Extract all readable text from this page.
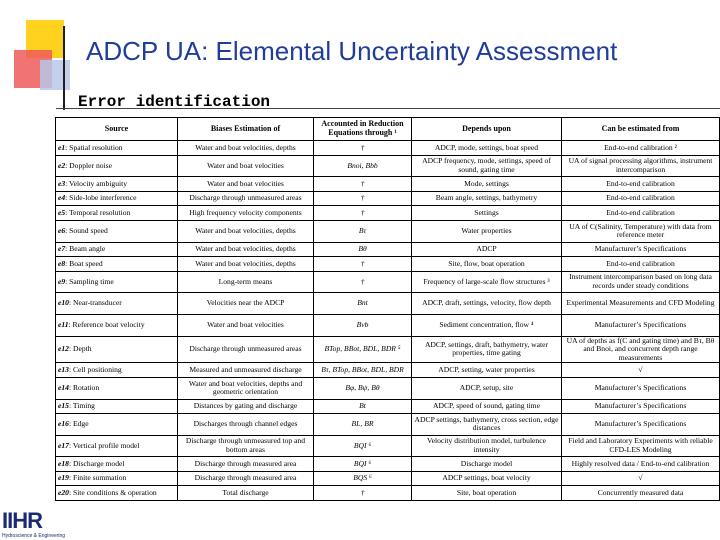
ADCP UA: Elemental Uncertainty Assessment
Error identification
Source	Biases Estimation of	Accounted in Reduction Equations through ¹	Depends upon	Can be estimated from
e1: Spatial resolution	Water and boat velocities, depths	†	ADCP, mode, settings, boat speed	End-to-end calibration ²
e2: Doppler noise	Water and boat velocities	Bnoi, Bbb	ADCP frequency, mode, settings, speed of sound, gating time	UA of signal processing algorithms, instrument intercomparison
e3: Velocity ambiguity	Water and boat velocities	†	Mode, settings	End-to-end calibration
e4: Side-lobe interference	Discharge through unmeasured areas	†	Beam angle, settings, bathymetry	End-to-end calibration
e5: Temporal resolution	High frequency velocity components	†	Settings	End-to-end calibration
e6: Sound speed	Water and boat velocities, depths	Bτ	Water properties	UA of C(Salinity, Temperature) with data from reference meter
e7: Beam angle	Water and boat velocities, depths	Bθ	ADCP	Manufacturer’s Specifications
e8: Boat speed	Water and boat velocities, depths	†	Site, flow, boat operation	End-to-end calibration
e9: Sampling time	Long-term means	†	Frequency of large-scale flow structures ³	Instrument intercomparison based on long data records under steady conditions
e10: Near-transducer	Velocities near the ADCP	Bnt	ADCP, draft, settings, velocity, flow depth	Experimental Measurements and CFD Modeling
e11: Reference boat velocity	Water and boat velocities	Bvb	Sediment concentration, flow ⁴	Manufacturer’s Specifications
e12: Depth	Discharge through unmeasured areas	BTop, BBot, BDL, BDR ⁵	ADCP, settings, draft, bathymetry, water properties, time gating	UA of depths as f(C and gating time) and Bτ, Bθ and Bnoi, and concurrent depth range measurements
e13: Cell positioning	Measured and unmeasured discharge	Bτ, BTop, BBot, BDL, BDR	ADCP, setting, water properties	√
e14: Rotation	Water and boat velocities, depths and geometric orientation	Bφ, Bψ, Bθ	ADCP, setup, site	Manufacturer’s Specifications
e15: Timing	Distances by gating and discharge	Bt	ADCP, speed of sound, gating time	Manufacturer’s Specifications
e16: Edge	Discharges through channel edges	BL, BR	ADCP settings, bathymetry, cross section, edge distances	Manufacturer’s Specifications
e17: Vertical profile model	Discharge through unmeasured top and bottom areas	BQI ⁶	Velocity distribution model, turbulence intensity	Field and Laboratory Experiments with reliable CFD-LES Modeling
e18: Discharge model	Discharge through measured area	BQI ⁶	Discharge model	Highly resolved data / End-to-end calibration
e19: Finite summation	Discharge through measured area	BQS ⁶	ADCP settings, boat velocity	√
e20: Site conditions & operation	Total discharge	†	Site, boat operation	Concurrently measured data
IIHR
Hydroscience & Engineering
